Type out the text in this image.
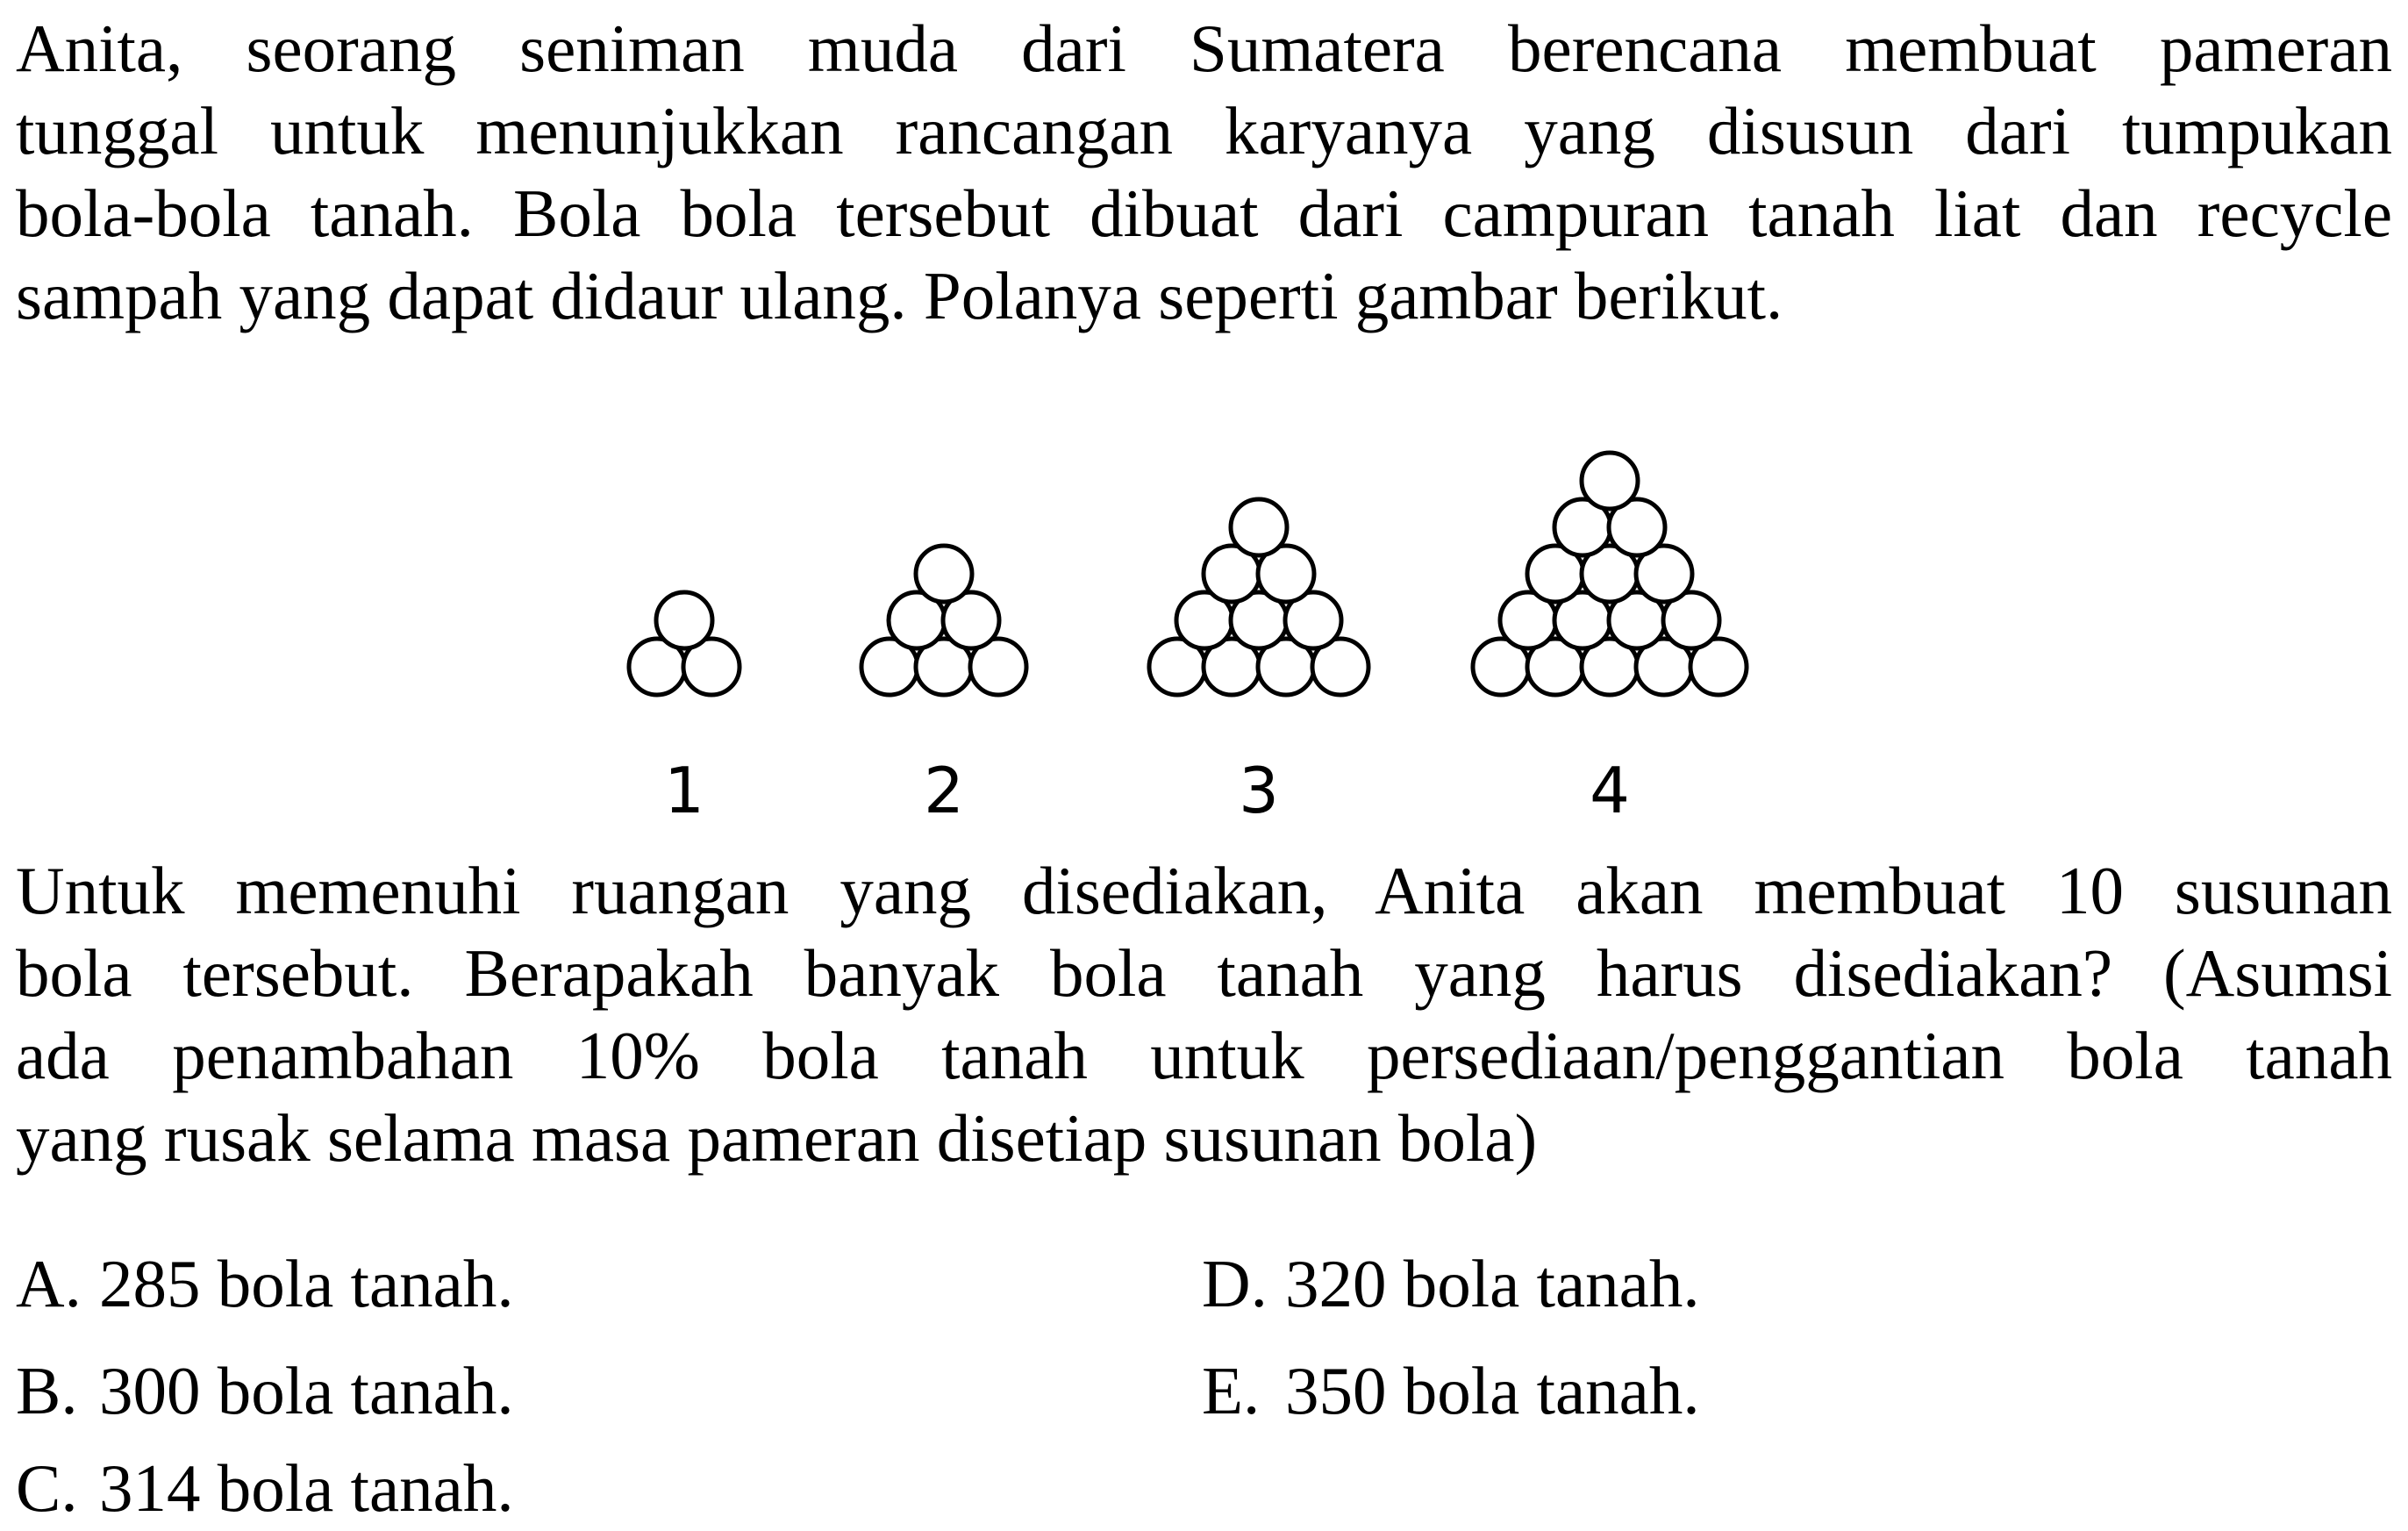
Anita, seorang seniman muda dari Sumatera berencana membuat pameran
tunggal untuk menunjukkan rancangan karyanya yang disusun dari tumpukan
bola-bola tanah. Bola bola tersebut dibuat dari campuran tanah liat dan recycle
sampah yang dapat didaur ulang. Polanya seperti gambar berikut.
1	2	3	4
Untuk memenuhi ruangan yang disediakan, Anita akan membuat 10 susunan
bola tersebut. Berapakah banyak bola tanah yang harus disediakan? (Asumsi
ada penambahan 10% bola tanah untuk persediaan/penggantian bola tanah
yang rusak selama masa pameran disetiap susunan bola)
A. 285 bola tanah.
B. 300 bola tanah.
C. 314 bola tanah.
D. 320 bola tanah.
E. 350 bola tanah.
